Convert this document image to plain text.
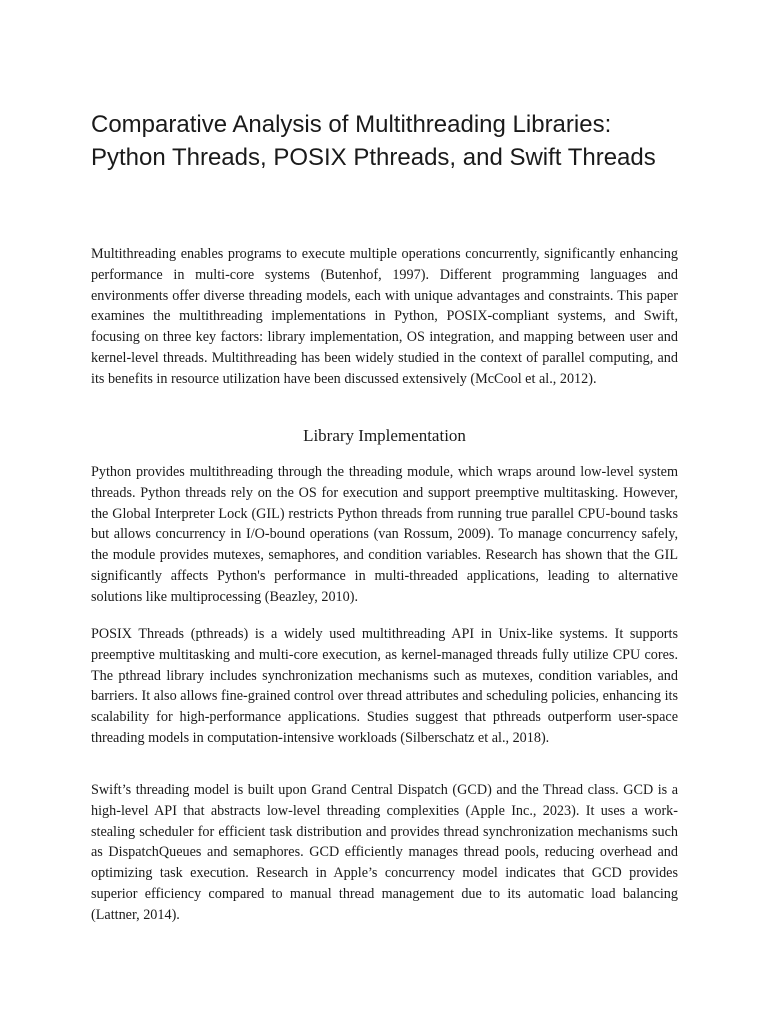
Comparative Analysis of Multithreading Libraries: Python Threads, POSIX Pthreads, and Swift Threads

Multithreading enables programs to execute multiple operations concurrently, significantly enhancing performance in multi-core systems (Butenhof, 1997). Different programming languages and environments offer diverse threading models, each with unique advantages and constraints. This paper examines the multithreading implementations in Python, POSIX-compliant systems, and Swift, focusing on three key factors: library implementation, OS integration, and mapping between user and kernel-level threads. Multithreading has been widely studied in the context of parallel computing, and its benefits in resource utilization have been discussed extensively (McCool et al., 2012).

Library Implementation

Python provides multithreading through the threading module, which wraps around low-level system threads. Python threads rely on the OS for execution and support preemptive multitasking. However, the Global Interpreter Lock (GIL) restricts Python threads from running true parallel CPU-bound tasks but allows concurrency in I/O-bound operations (van Rossum, 2009). To manage concurrency safely, the module provides mutexes, semaphores, and condition variables. Research has shown that the GIL significantly affects Python's performance in multi-threaded applications, leading to alternative solutions like multiprocessing (Beazley, 2010).

POSIX Threads (pthreads) is a widely used multithreading API in Unix-like systems. It supports preemptive multitasking and multi-core execution, as kernel-managed threads fully utilize CPU cores. The pthread library includes synchronization mechanisms such as mutexes, condition variables, and barriers. It also allows fine-grained control over thread attributes and scheduling policies, enhancing its scalability for high-performance applications. Studies suggest that pthreads outperform user-space threading models in computation-intensive workloads (Silberschatz et al., 2018).

Swift’s threading model is built upon Grand Central Dispatch (GCD) and the Thread class. GCD is a high-level API that abstracts low-level threading complexities (Apple Inc., 2023). It uses a work-stealing scheduler for efficient task distribution and provides thread synchronization mechanisms such as DispatchQueues and semaphores. GCD efficiently manages thread pools, reducing overhead and optimizing task execution. Research in Apple’s concurrency model indicates that GCD provides superior efficiency compared to manual thread management due to its automatic load balancing (Lattner, 2014).
